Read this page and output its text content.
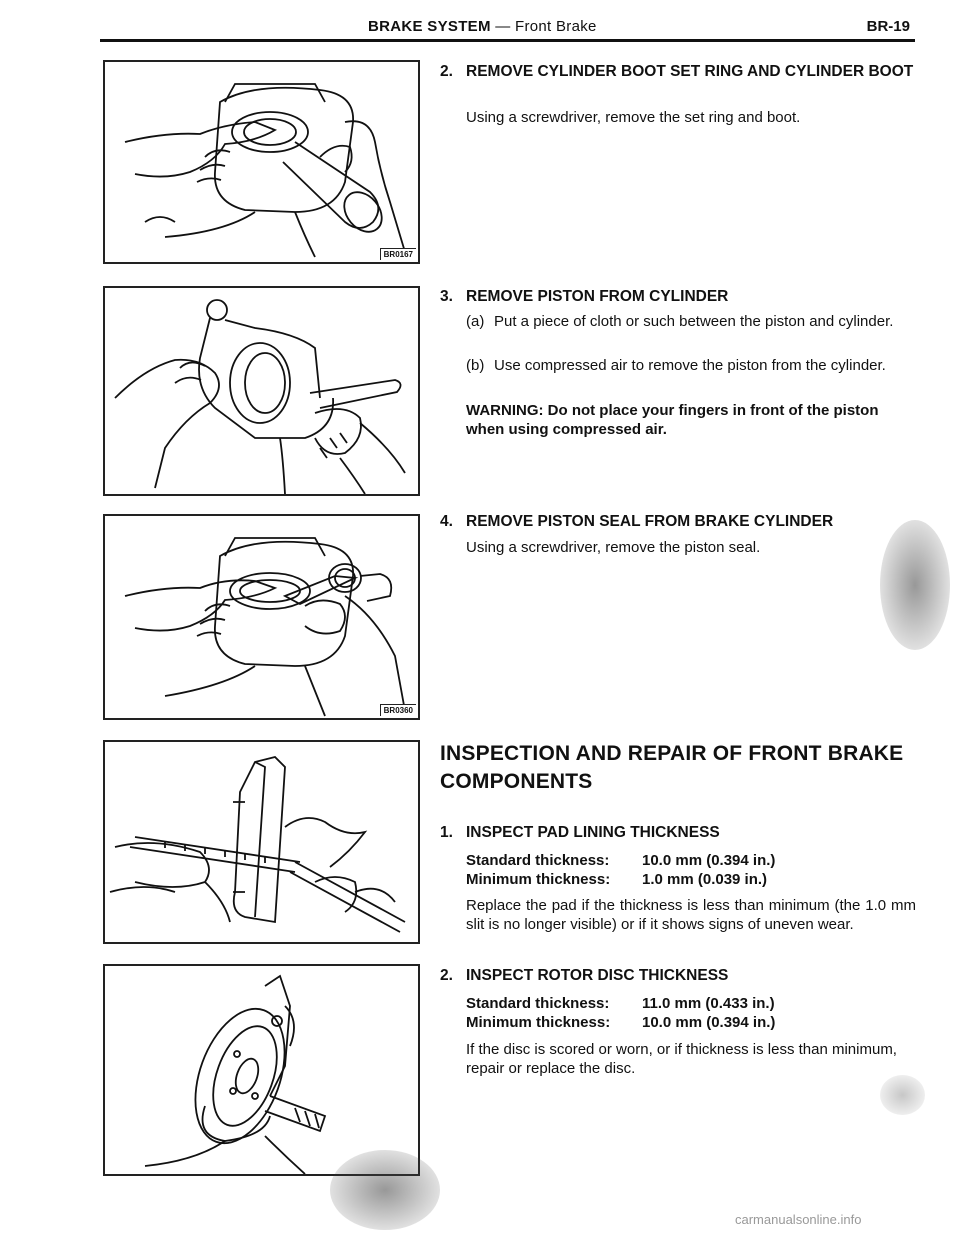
BRAKE SYSTEM — Front Brake	BR-19
BR0167
BR0360
2. REMOVE CYLINDER BOOT SET RING AND CYLINDER BOOT
Using a screwdriver, remove the set ring and boot.
3. REMOVE PISTON FROM CYLINDER
(a) Put a piece of cloth or such between the piston and cylinder.
(b) Use compressed air to remove the piston from the cylinder.
WARNING: Do not place your fingers in front of the piston when using compressed air.
4. REMOVE PISTON SEAL FROM BRAKE CYLINDER
Using a screwdriver, remove the piston seal.
INSPECTION AND REPAIR OF FRONT BRAKE COMPONENTS
1. INSPECT PAD LINING THICKNESS
Standard thickness: 10.0 mm (0.394 in.)
Minimum thickness: 1.0 mm (0.039 in.)
Replace the pad if the thickness is less than minimum (the 1.0 mm slit is no longer visible) or if it shows signs of uneven wear.
2. INSPECT ROTOR DISC THICKNESS
Standard thickness: 11.0 mm (0.433 in.)
Minimum thickness: 10.0 mm (0.394 in.)
If the disc is scored or worn, or if thickness is less than minimum, repair or replace the disc.
carmanualsonline.info
